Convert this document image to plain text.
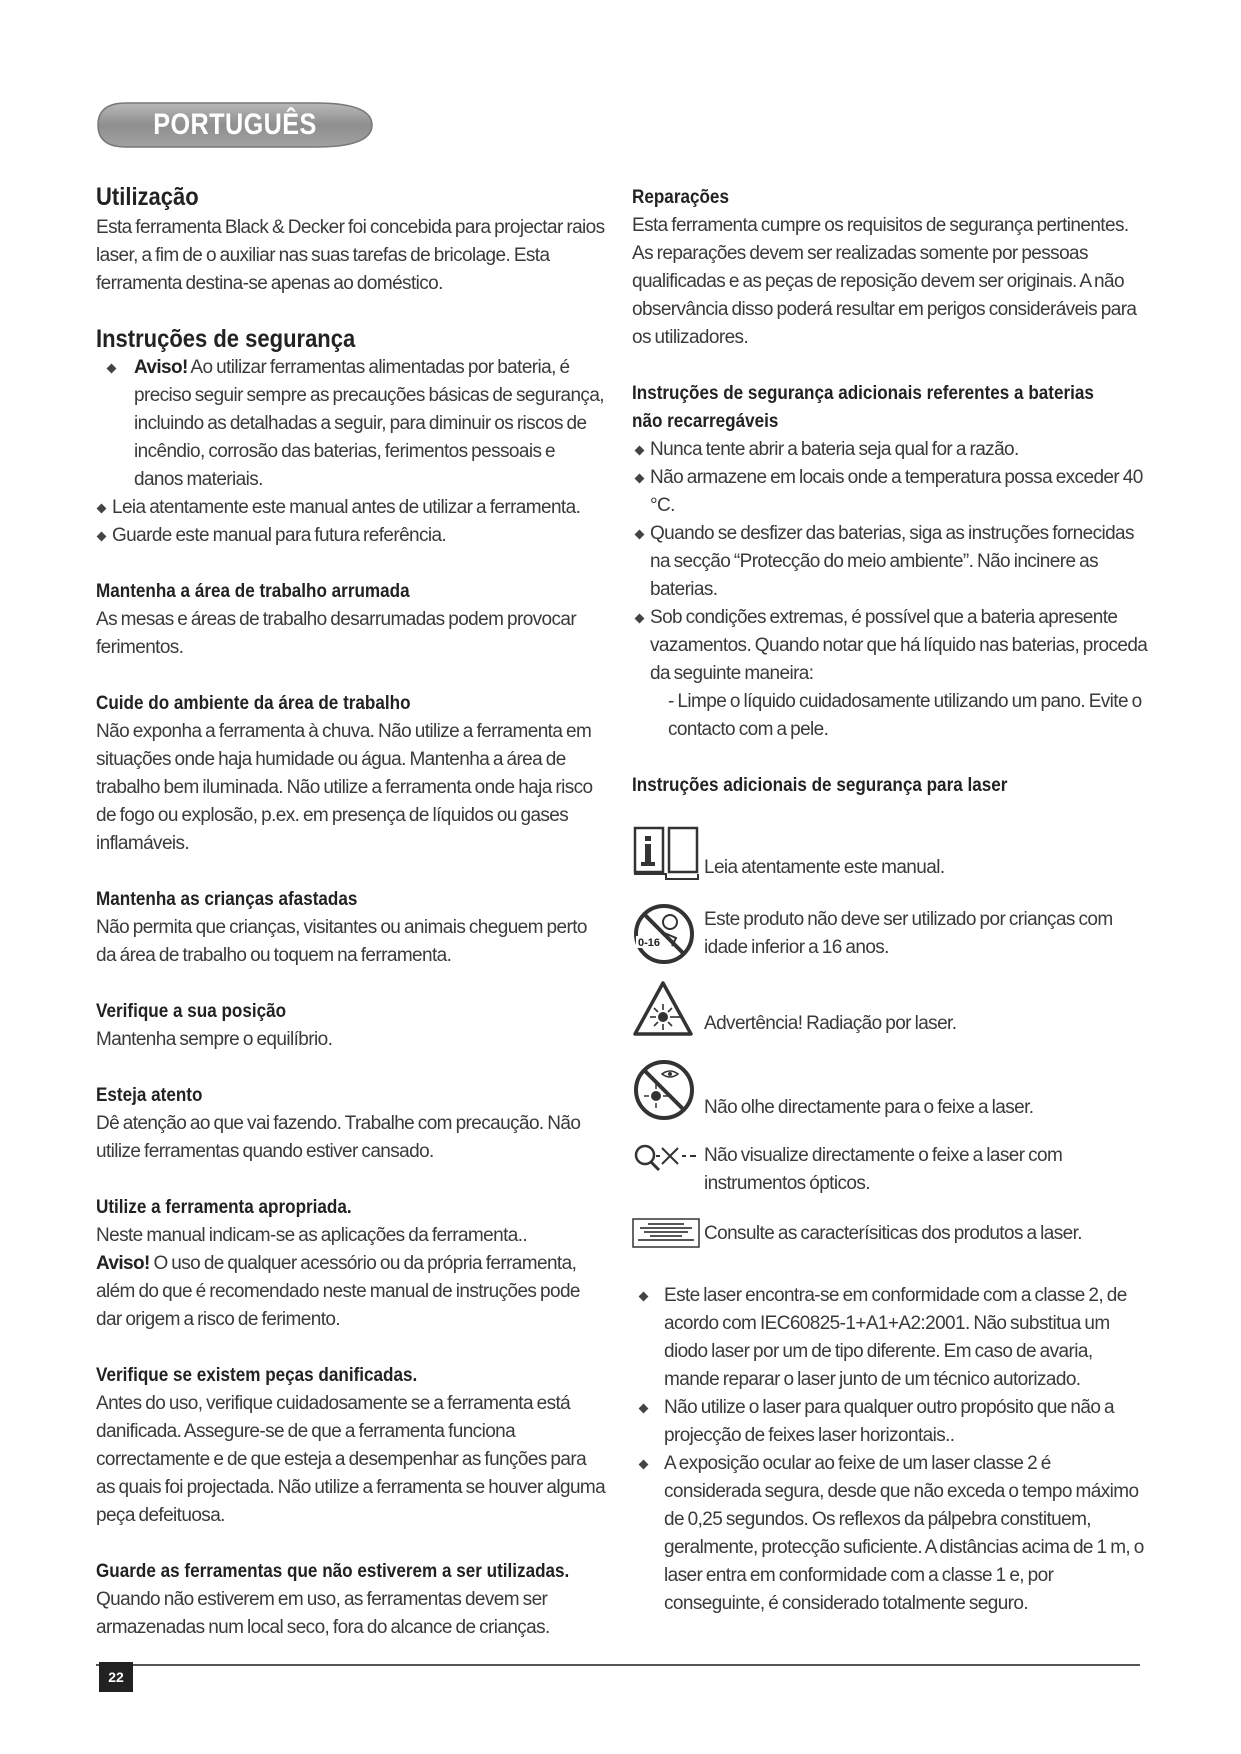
PORTUGUÊS
Utilização

Esta ferramenta Black & Decker foi concebida para projectar raios laser, a fim de o auxiliar nas suas tarefas de bricolage. Esta ferramenta destina-se apenas ao doméstico.

Instruções de segurança
Aviso! Ao utilizar ferramentas alimentadas por bateria, é preciso seguir sempre as precauções básicas de segurança, incluindo as detalhadas a seguir, para diminuir os riscos de incêndio, corrosão das baterias, ferimentos pessoais e danos materiais.
Leia atentamente este manual antes de utilizar a ferramenta.
Guarde este manual para futura referência.
Mantenha a área de trabalho arrumada

As mesas e áreas de trabalho desarrumadas podem provocar ferimentos.

Cuide do ambiente da área de trabalho

Não exponha a ferramenta à chuva. Não utilize a ferramenta em situações onde haja humidade ou água. Mantenha a área de trabalho bem iluminada. Não utilize a ferramenta onde haja risco de fogo ou explosão, p.ex. em presença de líquidos ou gases inflamáveis.

Mantenha as crianças afastadas

Não permita que crianças, visitantes ou animais cheguem perto da área de trabalho ou toquem na ferramenta.

Verifique a sua posição

Mantenha sempre o equilíbrio.

Esteja atento

Dê atenção ao que vai fazendo. Trabalhe com precaução. Não utilize ferramentas quando estiver cansado.

Utilize a ferramenta apropriada.

Neste manual indicam-se as aplicações da ferramenta..

Aviso! O uso de qualquer acessório ou da própria ferramenta, além do que é recomendado neste manual de instruções pode dar origem a risco de ferimento.

Verifique se existem peças danificadas.

Antes do uso, verifique cuidadosamente se a ferramenta está danificada. Assegure-se de que a ferramenta funciona correctamente e de que esteja a desempenhar as funções para as quais foi projectada. Não utilize a ferramenta se houver alguma peça defeituosa.

Guarde as ferramentas que não estiverem a ser utilizadas.

Quando não estiverem em uso, as ferramentas devem ser armazenadas num local seco, fora do alcance de crianças.

Reparações

Esta ferramenta cumpre os requisitos de segurança pertinentes. As reparações devem ser realizadas somente por pessoas qualificadas e as peças de reposição devem ser originais. A não observância disso poderá resultar em perigos consideráveis para os utilizadores.

Instruções de segurança adicionais referentes a baterias não recarregáveis
Nunca tente abrir a bateria seja qual for a razão.
Não armazene em locais onde a temperatura possa exceder 40 °C.
Quando se desfizer das baterias, siga as instruções fornecidas na secção “Protecção do meio ambiente”. Não incinere as baterias.
Sob condições extremas, é possível que a bateria apresente vazamentos. Quando notar que há líquido nas baterias, proceda da seguinte maneira:
- Limpe o líquido cuidadosamente utilizando um pano. Evite o contacto com a pele.
Instruções adicionais de segurança para laser
Leia atentamente este manual.
0-16
Este produto não deve ser utilizado por crianças com idade inferior a 16 anos.
Advertência! Radiação por laser.
Não olhe directamente para o feixe a laser.
Não visualize directamente o feixe a laser com instrumentos ópticos.
Consulte as caracterísiticas dos produtos a laser.
Este laser encontra-se em conformidade com a classe 2, de acordo com IEC60825-1+A1+A2:2001. Não substitua um diodo laser por um de tipo diferente. Em caso de avaria, mande reparar o laser junto de um técnico autorizado.
Não utilize o laser para qualquer outro propósito que não a projecção de feixes laser horizontais..
A exposição ocular ao feixe de um laser classe 2 é considerada segura, desde que não exceda o tempo máximo de 0,25 segundos. Os reflexos da pálpebra constituem, geralmente, protecção suficiente. A distâncias acima de 1 m, o laser entra em conformidade com a classe 1 e, por conseguinte, é considerado totalmente seguro.
22
